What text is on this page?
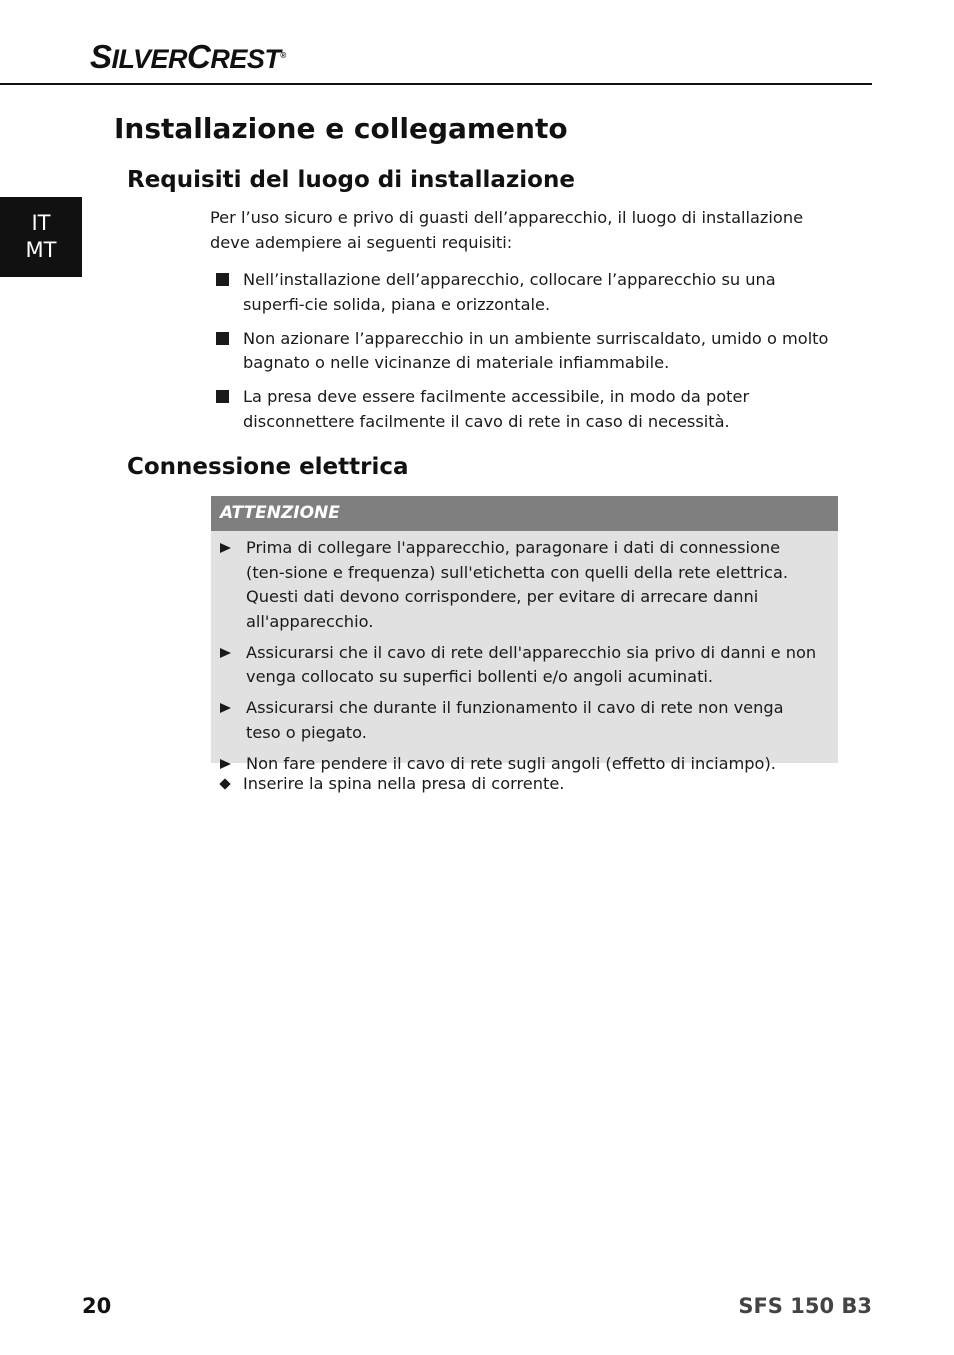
SILVERCREST®
IT
MT
Installazione e collegamento
Requisiti del luogo di installazione

Per l’uso sicuro e privo di guasti dell’apparecchio, il luogo di installazione deve adempiere ai seguenti requisiti:

Nell’installazione dell’apparecchio, collocare l’apparecchio su una superfi-cie solida, piana e orizzontale.
Non azionare l’apparecchio in un ambiente surriscaldato, umido o molto bagnato o nelle vicinanze di materiale infiammabile.
La presa deve essere facilmente accessibile, in modo da poter disconnettere facilmente il cavo di rete in caso di necessità.
Connessione elettrica
ATTENZIONE
Prima di collegare l'apparecchio, paragonare i dati di connessione (ten-sione e frequenza) sull'etichetta con quelli della rete elettrica. Questi dati devono corrispondere, per evitare di arrecare danni all'apparecchio.
Assicurarsi che il cavo di rete dell'apparecchio sia privo di danni e non venga collocato su superfici bollenti e/o angoli acuminati.
Assicurarsi che durante il funzionamento il cavo di rete non venga teso o piegato.
Non fare pendere il cavo di rete sugli angoli (effetto di inciampo).

Inserire la spina nella presa di corrente.

20	SFS 150 B3
